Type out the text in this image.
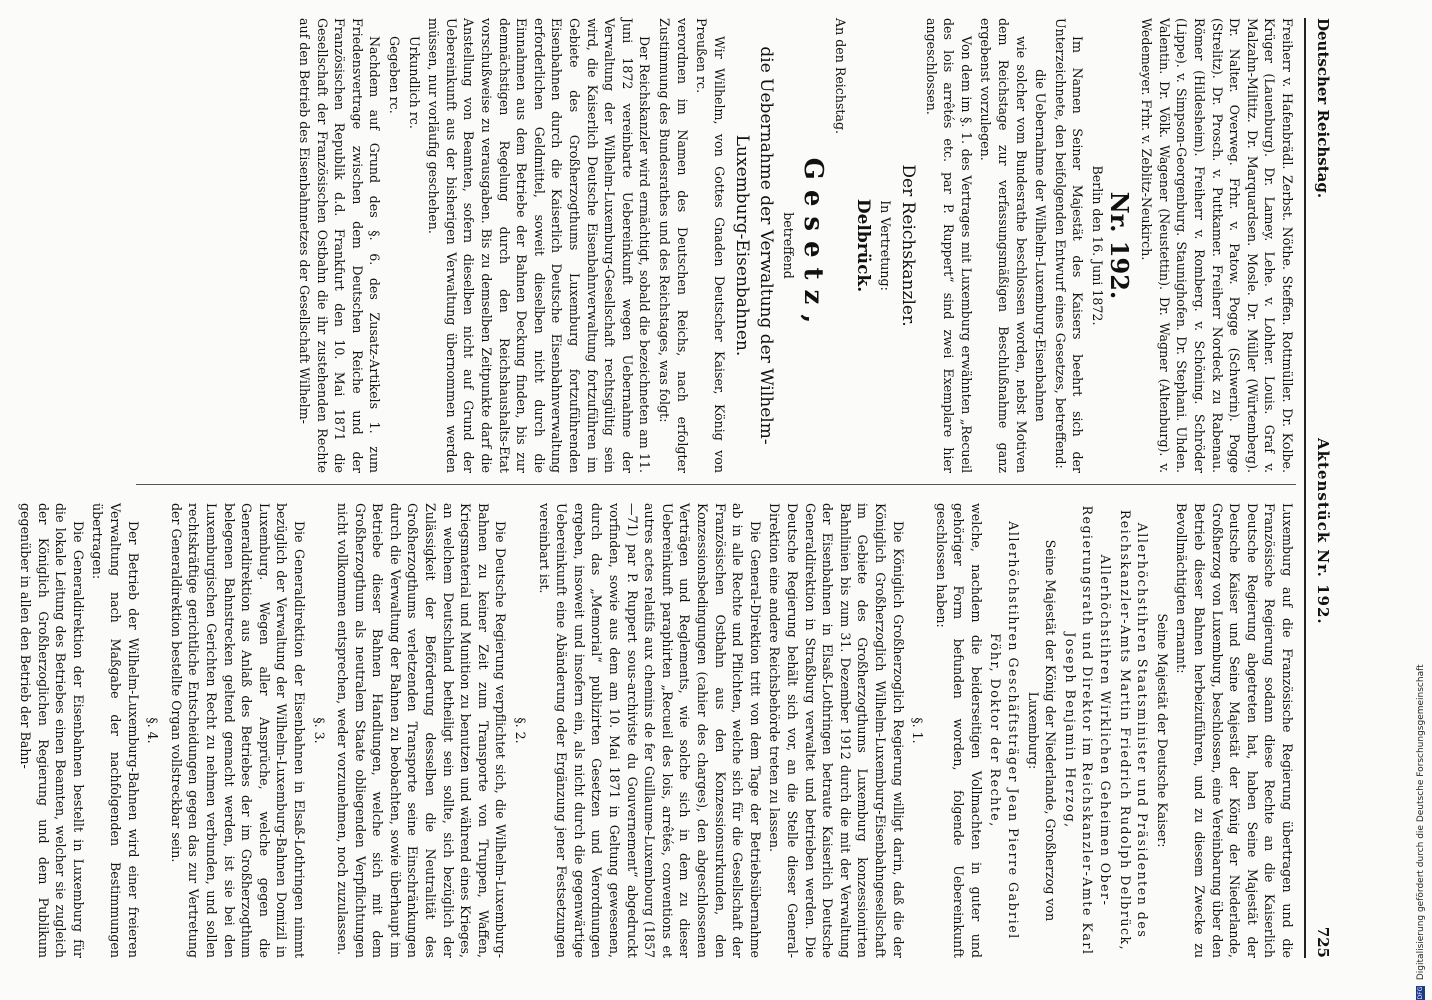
Deutscher Reichstag.
Aktenstück Nr. 192.
725

Freiherr v. Hafenbrädl. Zerbst. Nöthe. Steffen. Rottmüller. Dr. Kolbe. Krüger (Lauenburg). Dr. Lamey. Lehe. v. Lohher. Louis. Graf v. Malzahn-Miltitz. Dr. Marquardsen. Mosle. Dr. Müller (Würtemberg). Dr. Nalter. Overweg. Frhr. v. Patow. Pogge (Schwerin). Pogge (Strelitz). Dr. Prosch. v. Puttkamer. Freiherr Nordeck zu Rabenau. Römer (Hildesheim). Freiherr v. Romberg. v. Schöning. Schröder (Lippe). v. Simpson-Georgenburg. Staunighofen. Dr. Stephani. Uhden. Valentin. Dr. Völk. Wagener (Neustettin). Dr. Wagner (Altenburg). v. Wedemeyer. Frhr. v. Zeblitz-Neukirch.

Nr. 192.

Berlin den 16. Juni 1872.

Im Namen Seiner Majestät des Kaisers beehrt sich der Unterzeichnete, den beifolgenden Entwurf eines Gesetzes, betreffend:

die Uebernahme der Wilhelm-Luxemburg-Eisenbahnen

wie solcher vom Bundesrathe beschlossen worden, nebst Motiven dem Reichstage zur verfassungsmäßigen Beschlußnahme ganz ergebenst vorzulegen.

Von dem im §. 1. des Vertrages mit Luxemburg erwähnten „Recueil des lois arrêtés etc. par P. Ruppert“ sind zwei Exemplare hier angeschlossen.

Der Reichskanzler.

In Vertretung:

Delbrück.

An den Reichstag.

Gesetz,

betreffend

die Uebernahme der Verwaltung der Wilhelm-Luxemburg-Eisenbahnen.

Wir Wilhelm, von Gottes Gnaden Deutscher Kaiser, König von Preußen rc.

verordnen im Namen des Deutschen Reichs, nach erfolgter Zustimmung des Bundesrathes und des Reichstages, was folgt:

Der Reichskanzler wird ermächtigt, sobald die bezeichneten am 11. Juni 1872 vereinbarte Uebereinkunft wegen Uebernahme der Verwaltung der Wilhelm-Luxemburg-Gesellschaft rechtsgültig sein wird, die Kaiserlich Deutsche Eisenbahnverwaltung fortzuführen im Gebiete des Großherzogthums Luxemburg fortzuführenden Eisenbahnen durch die Kaiserlich Deutsche Eisenbahnverwaltung erforderlichen Geldmittel, soweit dieselben nicht durch die Einnahmen aus dem Betriebe der Bahnen Deckung finden, bis zur demnächstigen Regelung durch den Reichshaushalts-Etat vorschußweise zu verausgaben. Bis zu demselben Zeitpunkte darf die Anstellung von Beamten, sofern dieselben nicht auf Grund der Uebereinkunft aus der bisherigen Verwaltung übernommen werden müssen, nur vorläufig geschehen.

Urkundlich rc.

Gegeben rc.

Nachdem auf Grund des §. 6. des Zusatz-Artikels 1. zum Friedensvertrage zwischen dem Deutschen Reiche und der Französischen Republik d.d. Frankfurt den 10. Mai 1871 die Gesellschaft der Französischen Ostbahn die ihr zustehenden Rechte auf den Betrieb des Eisenbahnnetzes der Gesellschaft Wilhelm-

Luxemburg auf die Französische Regierung übertragen und die Französische Regierung sodann diese Rechte an die Kaiserlich Deutsche Regierung abgetreten hat, haben Seine Majestät der Deutsche Kaiser und Seine Majestät der König der Niederlande, Großherzog von Luxemburg, beschlossen, eine Vereinbarung über den Betrieb dieser Bahnen herbeizuführen, und zu diesem Zwecke zu Bevollmächtigten ernannt:

Seine Majestät der Deutsche Kaiser:

Allerhöchstihren Staatsminister und Präsidenten des Reichskanzler-Amts Martin Friedrich Rudolph Delbrück,

Allerhöchstihren Wirklichen Geheimen Ober-Regierungsrath und Direktor im Reichskanzler-Amte Karl Joseph Benjamin Herzog,

Seine Majestät der König der Niederlande, Großherzog von Luxemburg:

Allerhöchstihren Geschäftsträger Jean Pierre Gabriel Föhr, Doktor der Rechte,

welche, nachdem die beiderseitigen Vollmachten in guter und gehöriger Form befunden worden, folgende Uebereinkunft geschlossen haben:

§. 1.

Die Königlich Großherzoglich Regierung willigt darin, daß die der Königlich Großherzoglich Wilhelm-Luxemburg-Eisenbahngesellschaft im Gebiete des Großherzogthums Luxemburg konzessionirten Bahnlinien bis zum 31. Dezember 1912 durch die mit der Verwaltung der Eisenbahnen in Elsaß-Lothringen betraute Kaiserlich Deutsche Generaldirektion in Straßburg verwaltet und betrieben werden. Die Deutsche Regierung behält sich vor, an die Stelle dieser General-Direktion eine andere Reichsbehörde treten zu lassen.

Die General-Direktion tritt von dem Tage der Betriebsübernahme ab in alle Rechte und Pflichten, welche sich für die Gesellschaft der Französischen Ostbahn aus den Konzessionsurkunden, den Konzessionsbedingungen (cahier des charges), den abgeschlossenen Verträgen und Reglements, wie solche sich in dem zu dieser Uebereinkunft paraphirten „Recueil des lois, arrêtés, conventions et autres actes relatifs aux chemins de fer Guillaume-Luxembourg (1857—71) par P. Ruppert sous-archiviste du Gouvernement“ abgedruckt vorfinden, sowie aus dem am 10. Mai 1871 in Geltung gewesenen, durch das „Memorial“ publizirten Gesetzen und Verordnungen ergeben, insoweit und insofern ein, als nicht durch die gegenwärtige Uebereinkunft eine Abänderung oder Ergänzung jener Festsetzungen vereinbart ist.

§. 2.

Die Deutsche Regierung verpflichtet sich, die Wilhelm-Luxemburg-Bahnen zu keiner Zeit zum Transporte von Truppen, Waffen, Kriegsmaterial und Munition zu benutzen und während eines Krieges, an welchem Deutschland betheiligt sein sollte, sich bezüglich der Zulässigkeit der Beförderung desselben die Neutralität des Großherzogthums verletzenden Transporte seine Einschränkungen durch die Verwaltung der Bahnen zu beobachten, sowie überhaupt im Betriebe dieser Bahnen Handlungen, welche sich mit dem Großherzogthum als neutralem Staate obliegenden Verpflichtungen nicht vollkommen entsprechen, weder vorzunehmen, noch zuzulassen.

§. 3.

Die Generaldirektion der Eisenbahnen in Elsaß-Lothringen nimmt bezüglich der Verwaltung der Wilhelm-Luxemburg-Bahnen Domizil in Luxemburg. Wegen aller Ansprüche, welche gegen die Generaldirektion aus Anlaß des Betriebes der im Großherzogthum belegenen Bahnstrecken geltend gemacht werden, ist sie bei den Luxemburgischen Gerichten Recht zu nehmen verbunden, und sollen rechtskräftige gerichtliche Entscheidungen gegen das zur Vertretung der Generaldirektion bestellte Organ vollstreckbar sein.

§. 4.

Der Betrieb der Wilhelm-Luxemburg-Bahnen wird einer freieren Verwaltung nach Maßgabe der nachfolgenden Bestimmungen übertragen:

Die Generaldirektion der Eisenbahnen bestellt in Luxemburg für die lokale Leitung des Betriebes einen Beamten, welcher sie zugleich der Königlich Großherzoglichen Regierung und dem Publikum gegenüber in allen den Betrieb der Bahn-

DFG Digitalisierung gefördert durch die Deutsche Forschungsgemeinschaft
